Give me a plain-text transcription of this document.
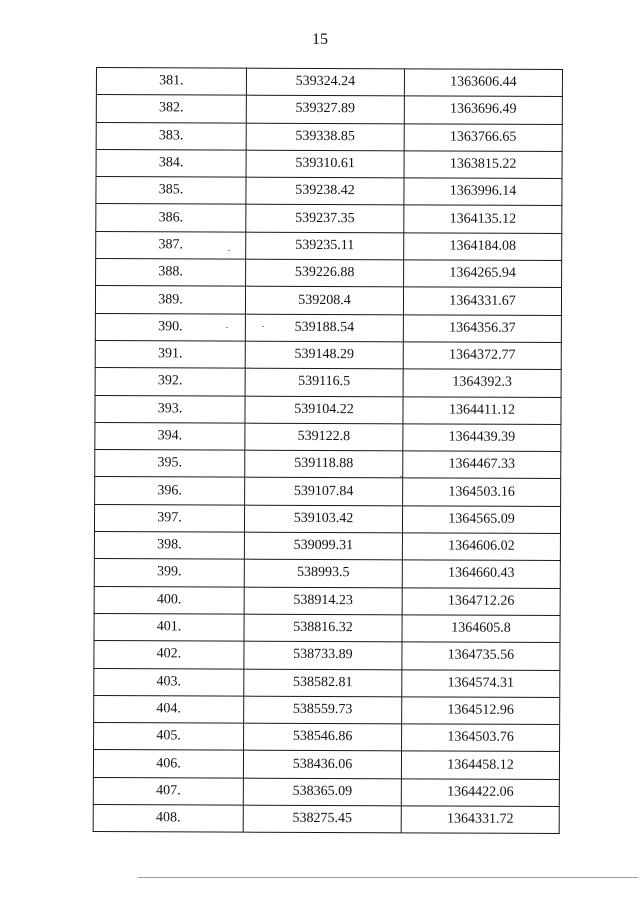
15
381.	539324.24	1363606.44
382.	539327.89	1363696.49
383.	539338.85	1363766.65
384.	539310.61	1363815.22
385.	539238.42	1363996.14
386.	539237.35	1364135.12
387.	539235.11	1364184.08
388.	539226.88	1364265.94
389.	539208.4	1364331.67
390.	539188.54	1364356.37
391.	539148.29	1364372.77
392.	539116.5	1364392.3
393.	539104.22	1364411.12
394.	539122.8	1364439.39
395.	539118.88	1364467.33
396.	539107.84	1364503.16
397.	539103.42	1364565.09
398.	539099.31	1364606.02
399.	538993.5	1364660.43
400.	538914.23	1364712.26
401.	538816.32	1364605.8
402.	538733.89	1364735.56
403.	538582.81	1364574.31
404.	538559.73	1364512.96
405.	538546.86	1364503.76
406.	538436.06	1364458.12
407.	538365.09	1364422.06
408.	538275.45	1364331.72
